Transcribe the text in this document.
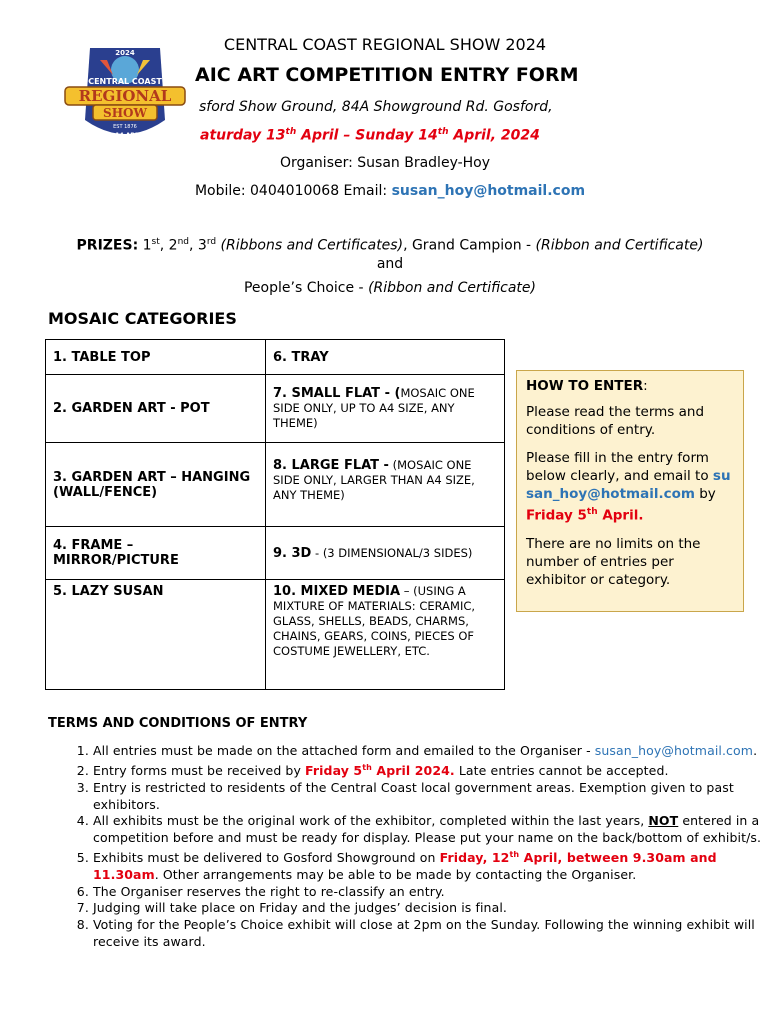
2024
CENTRAL COAST
REGIONAL
SHOW
EST 1876
13-14 APRIL
CENTRAL COAST REGIONAL SHOW 2024
AIC ART COMPETITION ENTRY FORM
sford Show Ground, 84A Showground Rd. Gosford,
aturday 13th April – Sunday 14th April, 2024
Organiser: Susan Bradley-Hoy
Mobile: 0404010068 Email: susan_hoy@hotmail.com
PRIZES: 1st, 2nd, 3rd (Ribbons and Certificates), Grand Campion - (Ribbon and Certificate) and
People’s Choice - (Ribbon and Certificate)
MOSAIC CATEGORIES
1. TABLE TOP	6. TRAY
2. GARDEN ART - POT	7. SMALL FLAT - (MOSAIC ONE SIDE ONLY, UP TO A4 SIZE, ANY THEME)
3. GARDEN ART – HANGING (WALL/FENCE)	8. LARGE FLAT - (MOSAIC ONE SIDE ONLY, LARGER THAN A4 SIZE, ANY THEME)
4. FRAME – MIRROR/PICTURE	9. 3D - (3 DIMENSIONAL/3 SIDES)
5. LAZY SUSAN	10. MIXED MEDIA – (USING A MIXTURE OF MATERIALS: CERAMIC, GLASS, SHELLS, BEADS, CHARMS, CHAINS, GEARS, COINS, PIECES OF COSTUME JEWELLERY, ETC.

HOW TO ENTER:

Please read the terms and conditions of entry.

Please fill in the entry form below clearly, and email to susan_hoy@hotmail.com by Friday 5th April.

There are no limits on the number of entries per exhibitor or category.

TERMS AND CONDITIONS OF ENTRY
1. All entries must be made on the attached form and emailed to the Organiser - susan_hoy@hotmail.com.
2. Entry forms must be received by Friday 5th April 2024. Late entries cannot be accepted.
3. Entry is restricted to residents of the Central Coast local government areas. Exemption given to past exhibitors.
4. All exhibits must be the original work of the exhibitor, completed within the last years, NOT entered in a competition before and must be ready for display. Please put your name on the back/bottom of exhibit/s.
5. Exhibits must be delivered to Gosford Showground on Friday, 12th April, between 9.30am and 11.30am. Other arrangements may be able to be made by contacting the Organiser.
6. The Organiser reserves the right to re-classify an entry.
7. Judging will take place on Friday and the judges’ decision is final.
8. Voting for the People’s Choice exhibit will close at 2pm on the Sunday. Following the winning exhibit will receive its award.
